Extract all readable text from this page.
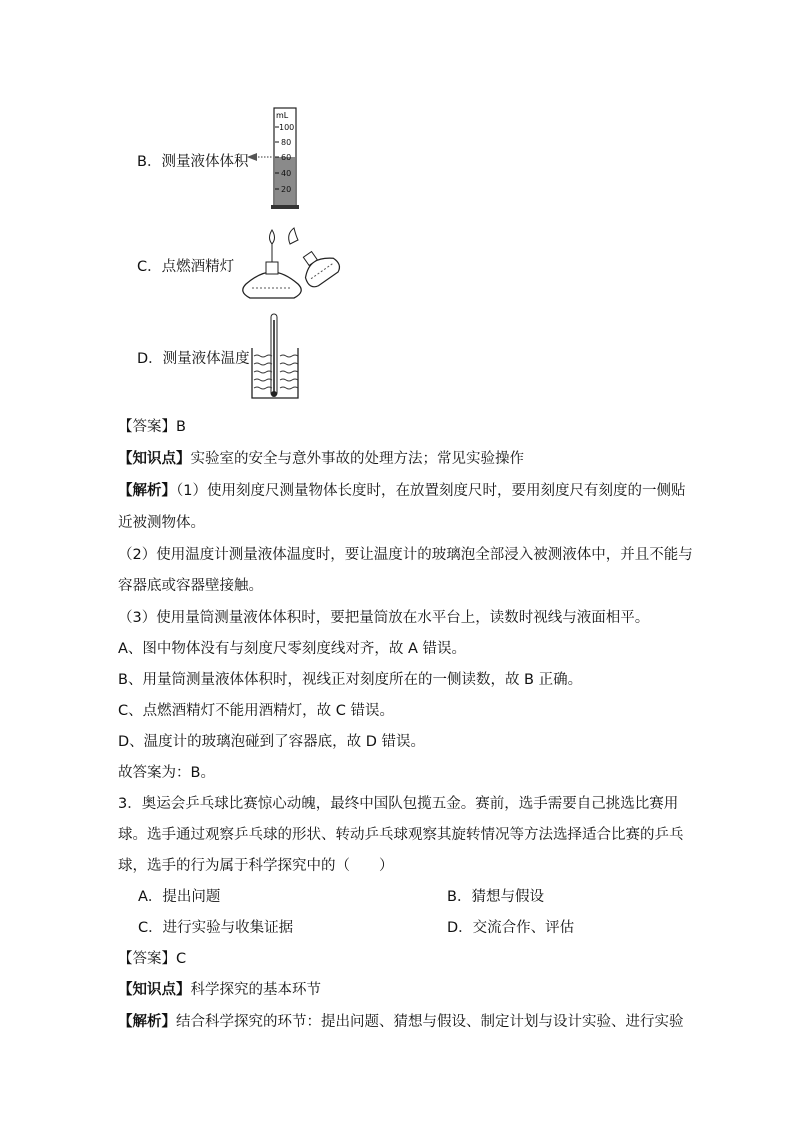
B．测量液体体积
mL
100
80
60
40
20
C．点燃酒精灯
D．测量液体温度
【答案】B
【知识点】实验室的安全与意外事故的处理方法；常见实验操作
【解析】（1）使用刻度尺测量物体长度时，在放置刻度尺时，要用刻度尺有刻度的一侧贴
近被测物体。
（2）使用温度计测量液体温度时，要让温度计的玻璃泡全部浸入被测液体中，并且不能与
容器底或容器壁接触。
（3）使用量筒测量液体体积时，要把量筒放在水平台上，读数时视线与液面相平。
A、图中物体没有与刻度尺零刻度线对齐，故 A 错误。
B、用量筒测量液体体积时，视线正对刻度所在的一侧读数，故 B 正确。
C、点燃酒精灯不能用酒精灯，故 C 错误。
D、温度计的玻璃泡碰到了容器底，故 D 错误。
故答案为：B。
3．奥运会乒乓球比赛惊心动魄，最终中国队包揽五金。赛前，选手需要自己挑选比赛用
球。选手通过观察乒乓球的形状、转动乒乓球观察其旋转情况等方法选择适合比赛的乒乓
球，选手的行为属于科学探究中的（　　）
A．提出问题	B．猜想与假设
C．进行实验与收集证据	D．交流合作、评估
【答案】C
【知识点】科学探究的基本环节
【解析】结合科学探究的环节：提出问题、猜想与假设、制定计划与设计实验、进行实验
